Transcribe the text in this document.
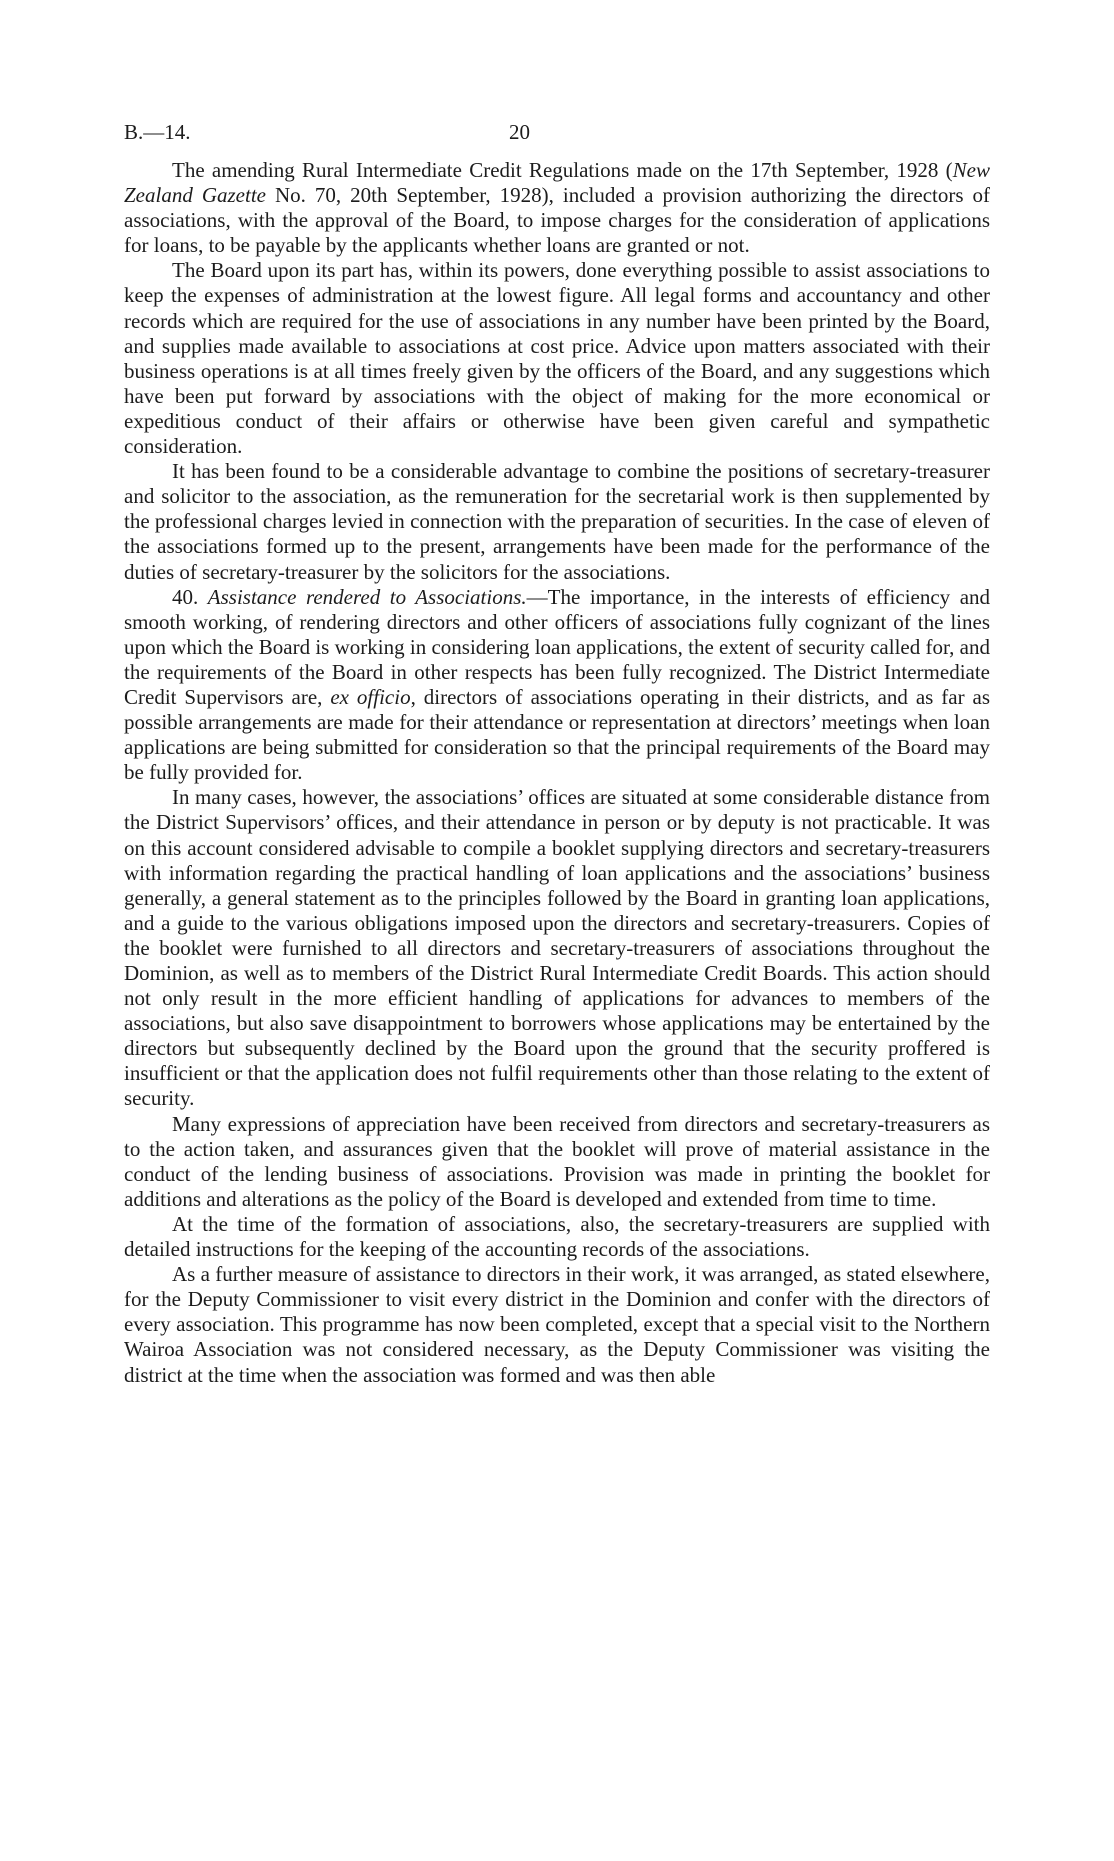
B.—14.	20

The amending Rural Intermediate Credit Regulations made on the 17th September, 1928 (New Zealand Gazette No. 70, 20th September, 1928), included a provision authorizing the directors of associations, with the approval of the Board, to impose charges for the consideration of applications for loans, to be payable by the applicants whether loans are granted or not.

The Board upon its part has, within its powers, done everything possible to assist associations to keep the expenses of administration at the lowest figure. All legal forms and accountancy and other records which are required for the use of associations in any number have been printed by the Board, and supplies made available to associations at cost price. Advice upon matters associated with their business operations is at all times freely given by the officers of the Board, and any suggestions which have been put forward by associations with the object of making for the more economical or expeditious conduct of their affairs or otherwise have been given careful and sympathetic consideration.

It has been found to be a considerable advantage to combine the positions of secretary-treasurer and solicitor to the association, as the remuneration for the secretarial work is then supplemented by the professional charges levied in connection with the preparation of securities. In the case of eleven of the associations formed up to the present, arrangements have been made for the performance of the duties of secretary-treasurer by the solicitors for the associations.

40. Assistance rendered to Associations.—The importance, in the interests of efficiency and smooth working, of rendering directors and other officers of associations fully cognizant of the lines upon which the Board is working in considering loan applications, the extent of security called for, and the requirements of the Board in other respects has been fully recognized. The District Intermediate Credit Supervisors are, ex officio, directors of associations operating in their districts, and as far as possible arrangements are made for their attendance or representation at directors’ meetings when loan applications are being submitted for consideration so that the principal requirements of the Board may be fully provided for.

In many cases, however, the associations’ offices are situated at some considerable distance from the District Supervisors’ offices, and their attendance in person or by deputy is not practicable. It was on this account considered advisable to compile a booklet supplying directors and secretary-treasurers with information regarding the practical handling of loan applications and the associations’ business generally, a general statement as to the principles followed by the Board in granting loan applications, and a guide to the various obligations imposed upon the directors and secretary-treasurers. Copies of the booklet were furnished to all directors and secretary-treasurers of associations throughout the Dominion, as well as to members of the District Rural Intermediate Credit Boards. This action should not only result in the more efficient handling of applications for advances to members of the associations, but also save disappointment to borrowers whose applications may be entertained by the directors but subsequently declined by the Board upon the ground that the security proffered is insufficient or that the application does not fulfil requirements other than those relating to the extent of security.

Many expressions of appreciation have been received from directors and secretary-treasurers as to the action taken, and assurances given that the booklet will prove of material assistance in the conduct of the lending business of associations. Provision was made in printing the booklet for additions and alterations as the policy of the Board is developed and extended from time to time.

At the time of the formation of associations, also, the secretary-treasurers are supplied with detailed instructions for the keeping of the accounting records of the associations.

As a further measure of assistance to directors in their work, it was arranged, as stated elsewhere, for the Deputy Commissioner to visit every district in the Dominion and confer with the directors of every association. This programme has now been completed, except that a special visit to the Northern Wairoa Association was not considered necessary, as the Deputy Commissioner was visiting the district at the time when the association was formed and was then able
